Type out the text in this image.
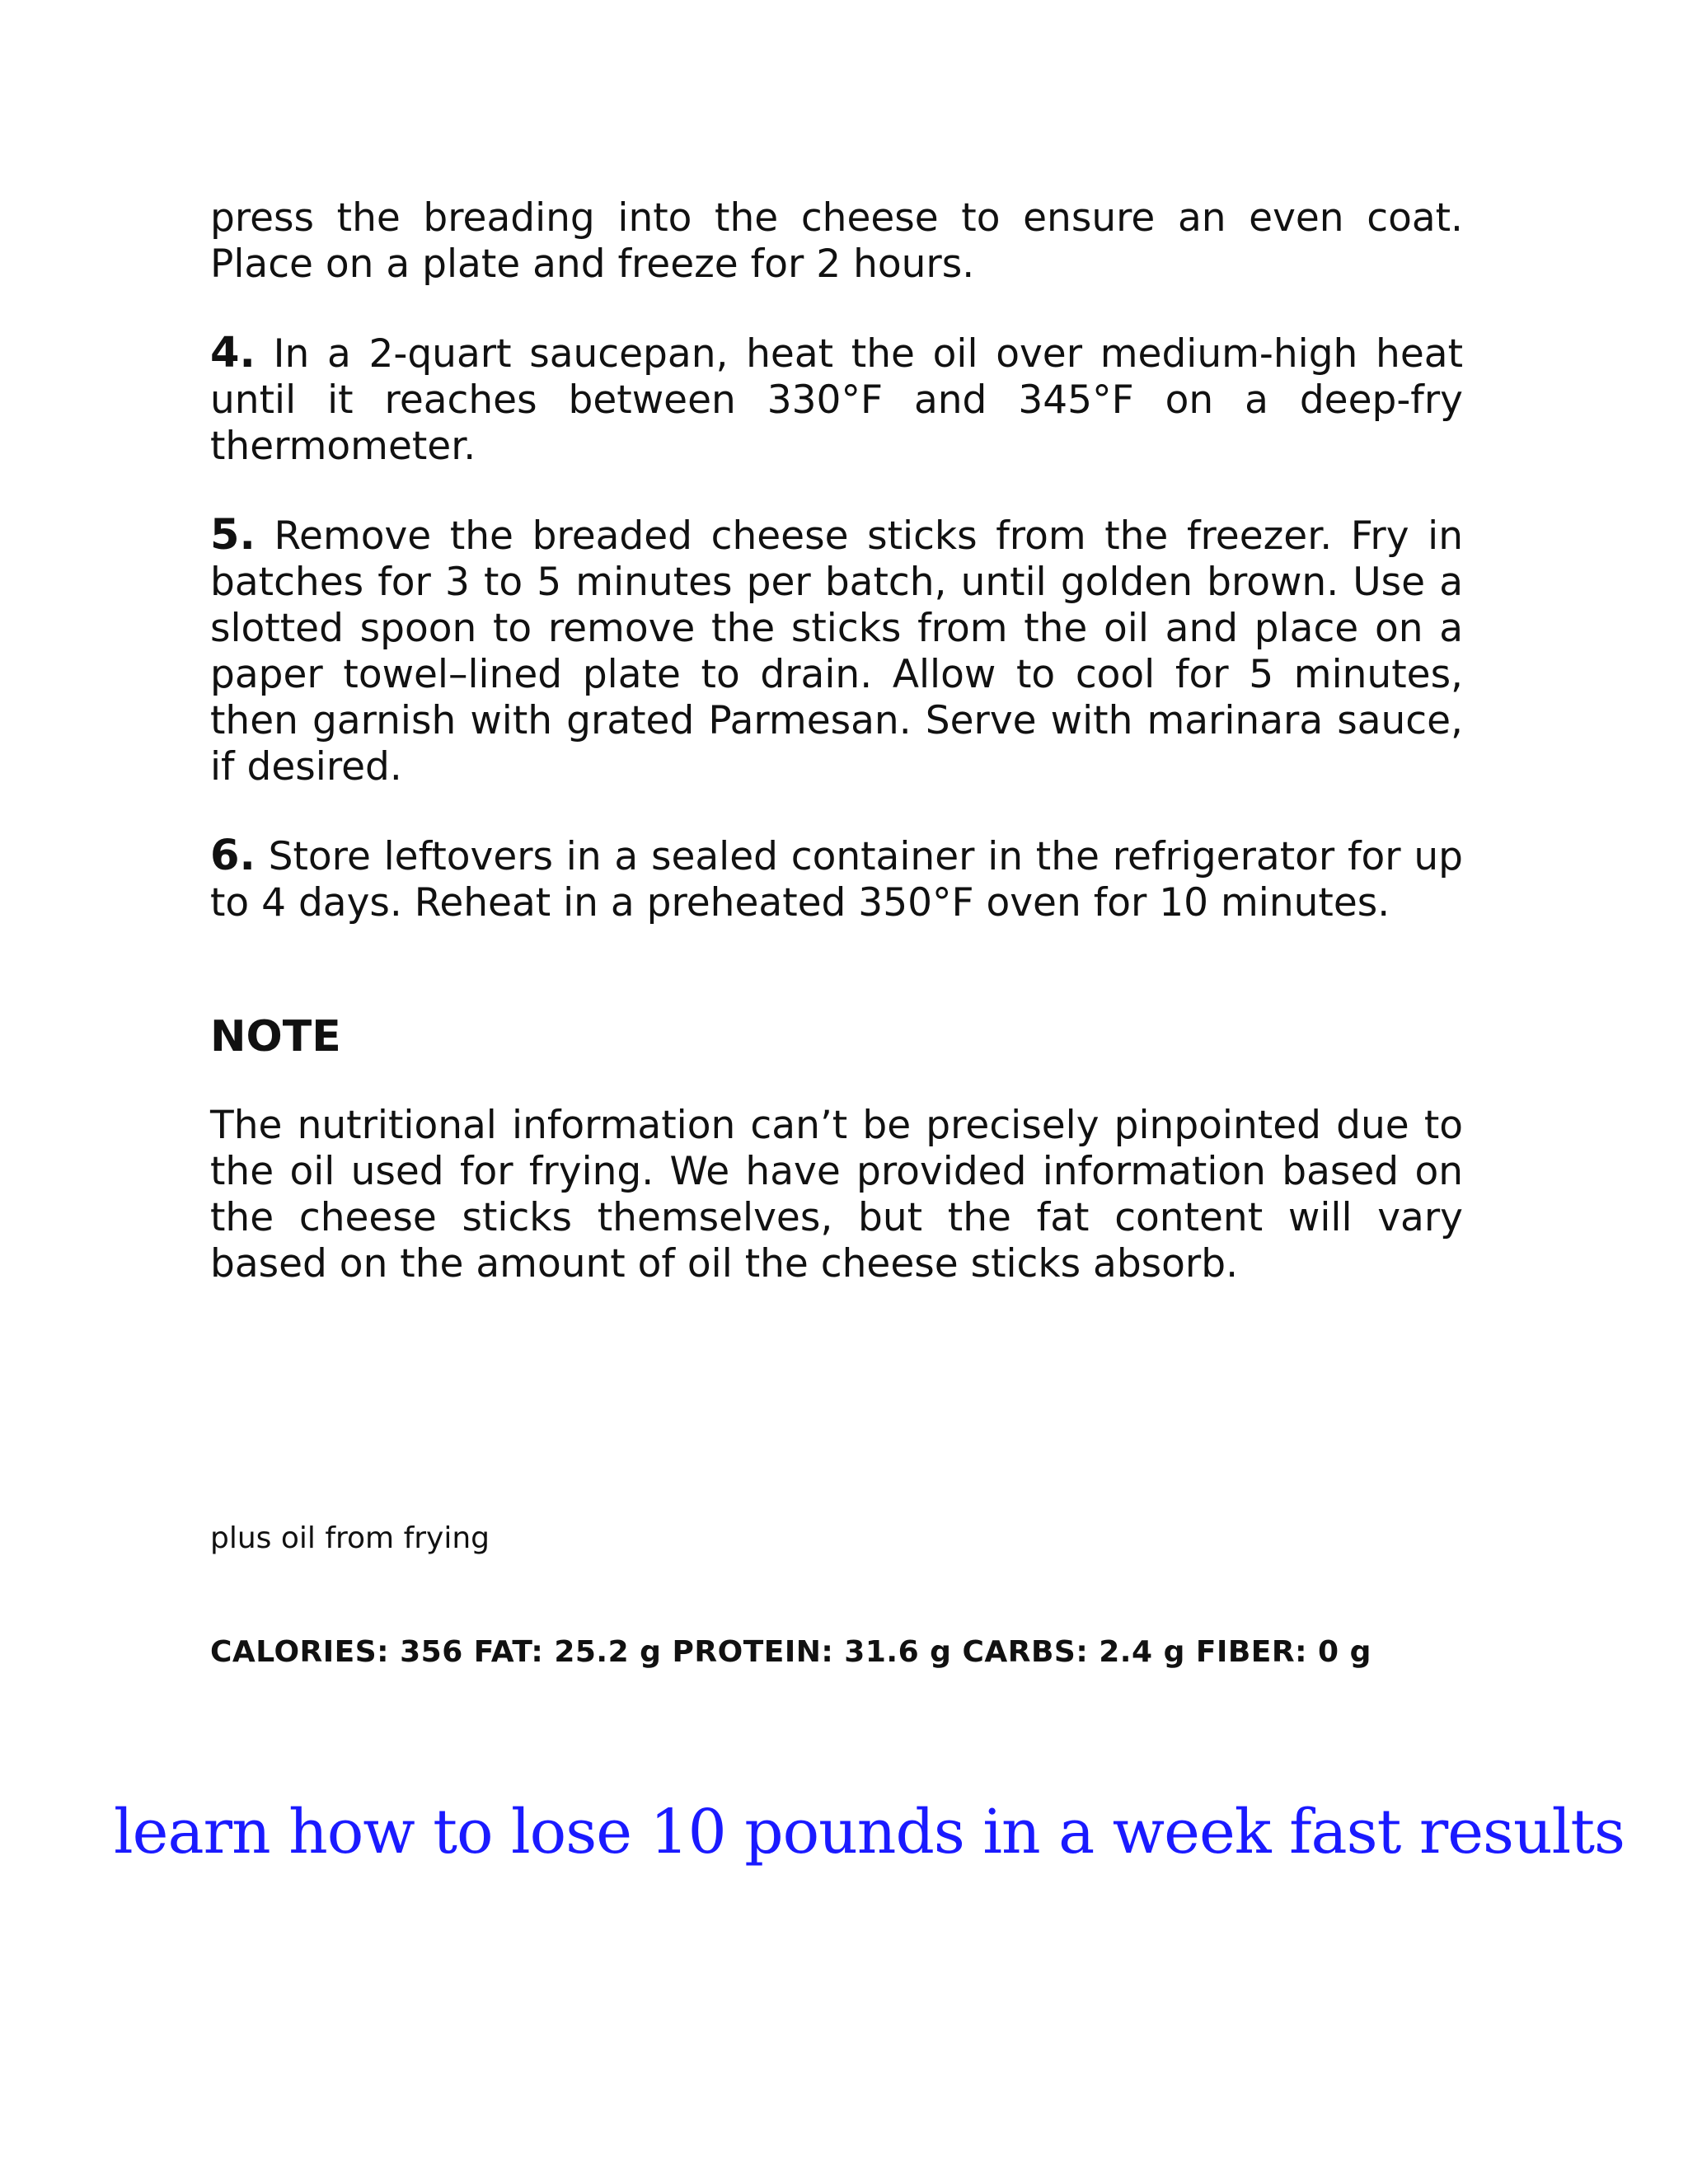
press the breading into the cheese to ensure an even coat. Place on a plate and freeze for 2 hours.

4. In a 2-quart saucepan, heat the oil over medium-high heat until it reaches between 330°F and 345°F on a deep-fry thermometer.

5. Remove the breaded cheese sticks from the freezer. Fry in batches for 3 to 5 minutes per batch, until golden brown. Use a slotted spoon to remove the sticks from the oil and place on a paper towel–lined plate to drain. Allow to cool for 5 minutes, then garnish with grated Parmesan. Serve with marinara sauce, if desired.

6. Store leftovers in a sealed container in the refrigerator for up to 4 days. Reheat in a preheated 350°F oven for 10 minutes.

NOTE

The nutritional information can’t be precisely pinpointed due to the oil used for frying. We have provided information based on the cheese sticks themselves, but the fat content will vary based on the amount of oil the cheese sticks absorb.

plus oil from frying

CALORIES: 356 FAT: 25.2 g PROTEIN: 31.6 g CARBS: 2.4 g FIBER: 0 g

learn how to lose 10 pounds in a week fast results
